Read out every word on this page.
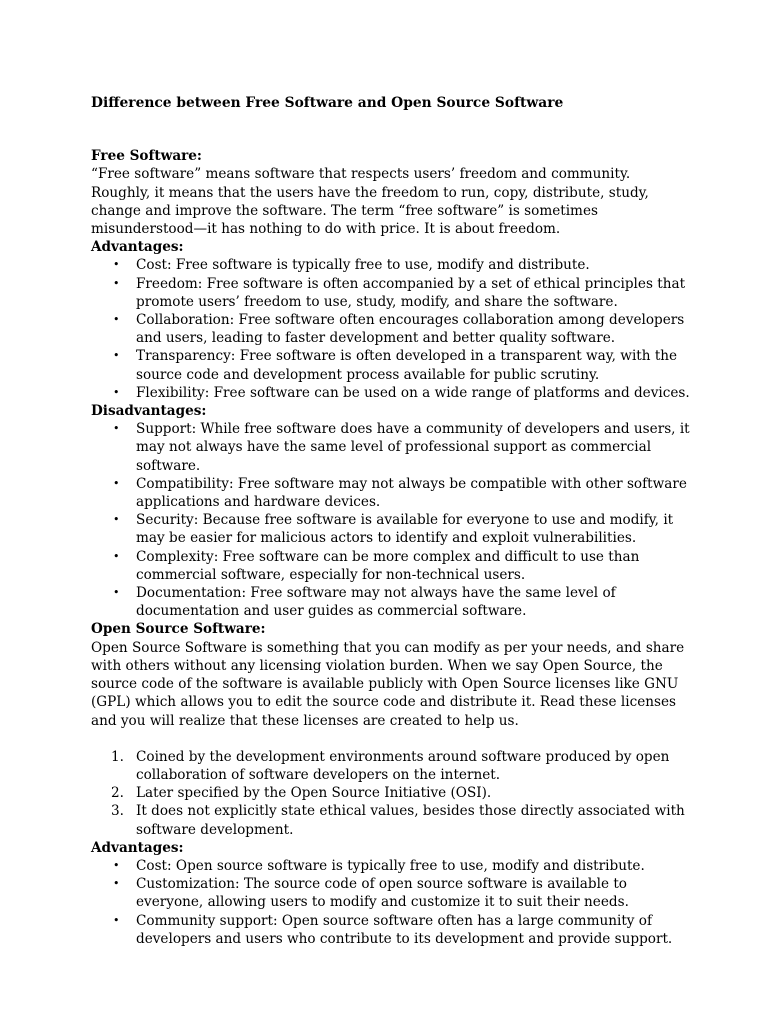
Difference between Free Software and Open Source Software
Free Software:

“Free software” means software that respects users’ freedom and community. Roughly, it means that the users have the freedom to run, copy, distribute, study, change and improve the software. The term “free software” is sometimes misunderstood—it has nothing to do with price. It is about freedom.

Advantages:
• Cost: Free software is typically free to use, modify and distribute.
• Freedom: Free software is often accompanied by a set of ethical principles that promote users’ freedom to use, study, modify, and share the software.
• Collaboration: Free software often encourages collaboration among developers and users, leading to faster development and better quality software.
• Transparency: Free software is often developed in a transparent way, with the source code and development process available for public scrutiny.
• Flexibility: Free software can be used on a wide range of platforms and devices.
Disadvantages:
• Support: While free software does have a community of developers and users, it may not always have the same level of professional support as commercial software.
• Compatibility: Free software may not always be compatible with other software applications and hardware devices.
• Security: Because free software is available for everyone to use and modify, it may be easier for malicious actors to identify and exploit vulnerabilities.
• Complexity: Free software can be more complex and difficult to use than commercial software, especially for non-technical users.
• Documentation: Free software may not always have the same level of documentation and user guides as commercial software.
Open Source Software:

Open Source Software is something that you can modify as per your needs, and share with others without any licensing violation burden. When we say Open Source, the source code of the software is available publicly with Open Source licenses like GNU (GPL) which allows you to edit the source code and distribute it. Read these licenses and you will realize that these licenses are created to help us.

1. Coined by the development environments around software produced by open collaboration of software developers on the internet.
2. Later specified by the Open Source Initiative (OSI).
3. It does not explicitly state ethical values, besides those directly associated with software development.
Advantages:
• Cost: Open source software is typically free to use, modify and distribute.
• Customization: The source code of open source software is available to everyone, allowing users to modify and customize it to suit their needs.
• Community support: Open source software often has a large community of developers and users who contribute to its development and provide support.
